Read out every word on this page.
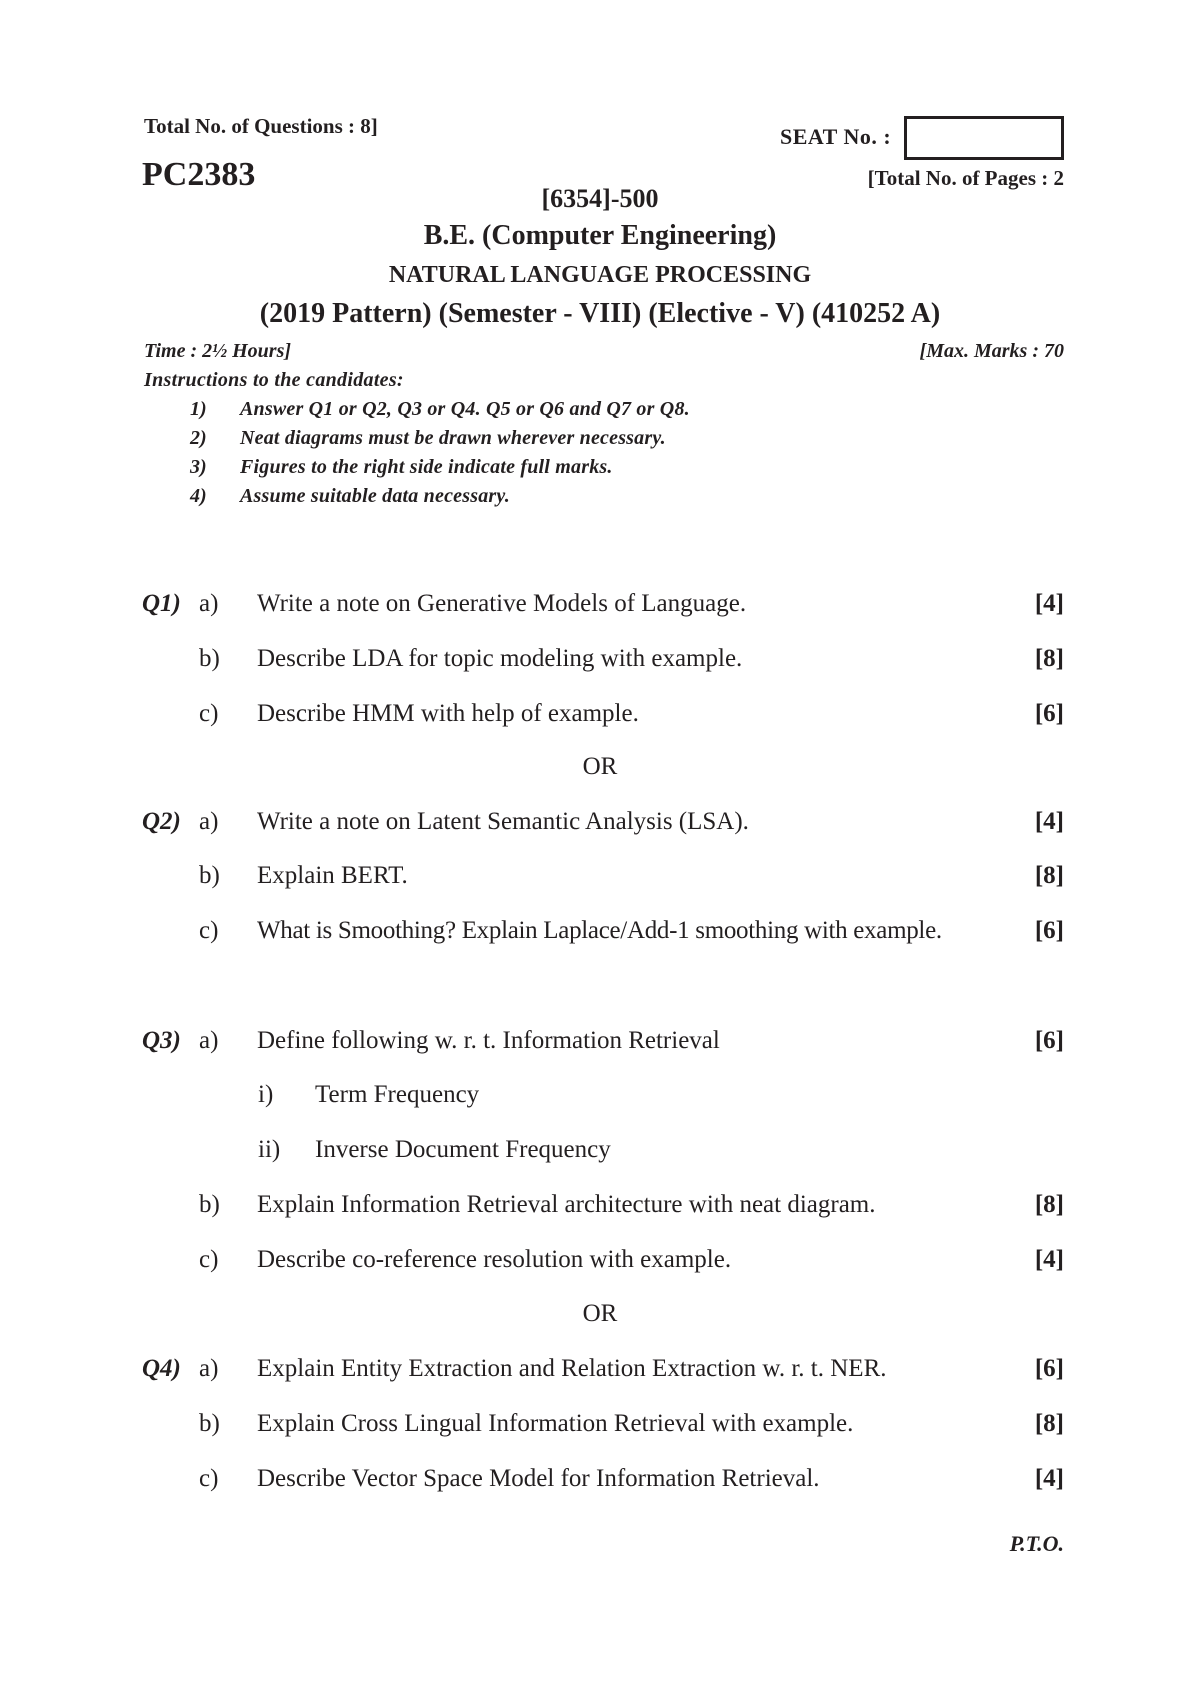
Total No. of Questions : 8]	SEAT No. :
PC2383	[Total No. of Pages : 2
[6354]-500
B.E. (Computer Engineering)
NATURAL LANGUAGE PROCESSING
(2019 Pattern) (Semester - VIII) (Elective - V) (410252 A)
Time : 2½ Hours]	[Max. Marks : 70
Instructions to the candidates:
1) Answer Q1 or Q2, Q3 or Q4. Q5 or Q6 and Q7 or Q8.
2) Neat diagrams must be drawn wherever necessary.
3) Figures to the right side indicate full marks.
4) Assume suitable data necessary.
Q1) a) Write a note on Generative Models of Language.	[4]
b) Describe LDA for topic modeling with example.	[8]
c) Describe HMM with help of example.	[6]
OR
Q2) a) Write a note on Latent Semantic Analysis (LSA).	[4]
b) Explain BERT.	[8]
c) What is Smoothing? Explain Laplace/Add-1 smoothing with example.	[6]
Q3) a) Define following w. r. t. Information Retrieval	[6]
i) Term Frequency
ii) Inverse Document Frequency
b) Explain Information Retrieval architecture with neat diagram.	[8]
c) Describe co-reference resolution with example.	[4]
OR
Q4) a) Explain Entity Extraction and Relation Extraction w. r. t. NER.	[6]
b) Explain Cross Lingual Information Retrieval with example.	[8]
c) Describe Vector Space Model for Information Retrieval.	[4]
P.T.O.
